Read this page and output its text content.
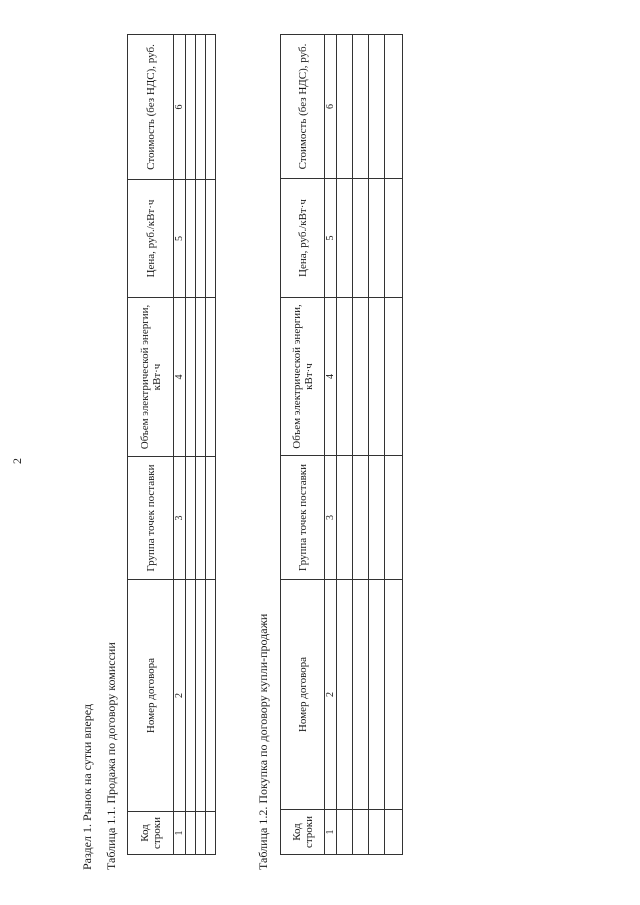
2
Раздел 1. Рынок на сутки вперед Таблица 1.1. Продажа по договору комиссии Код строки	Номер договора	Группа точек поставки	Объем электрической энергии, кВт·ч	Цена, руб./кВт·ч	Стоимость (без НДС), руб.
1	2	3	4	5	6

Таблица 1.2. Покупка по договору купли-продажи Код строки	Номер договора	Группа точек поставки	Объем электрической энергии, кВт·ч	Цена, руб./кВт·ч	Стоимость (без НДС), руб.
1	2	3	4	5	6
